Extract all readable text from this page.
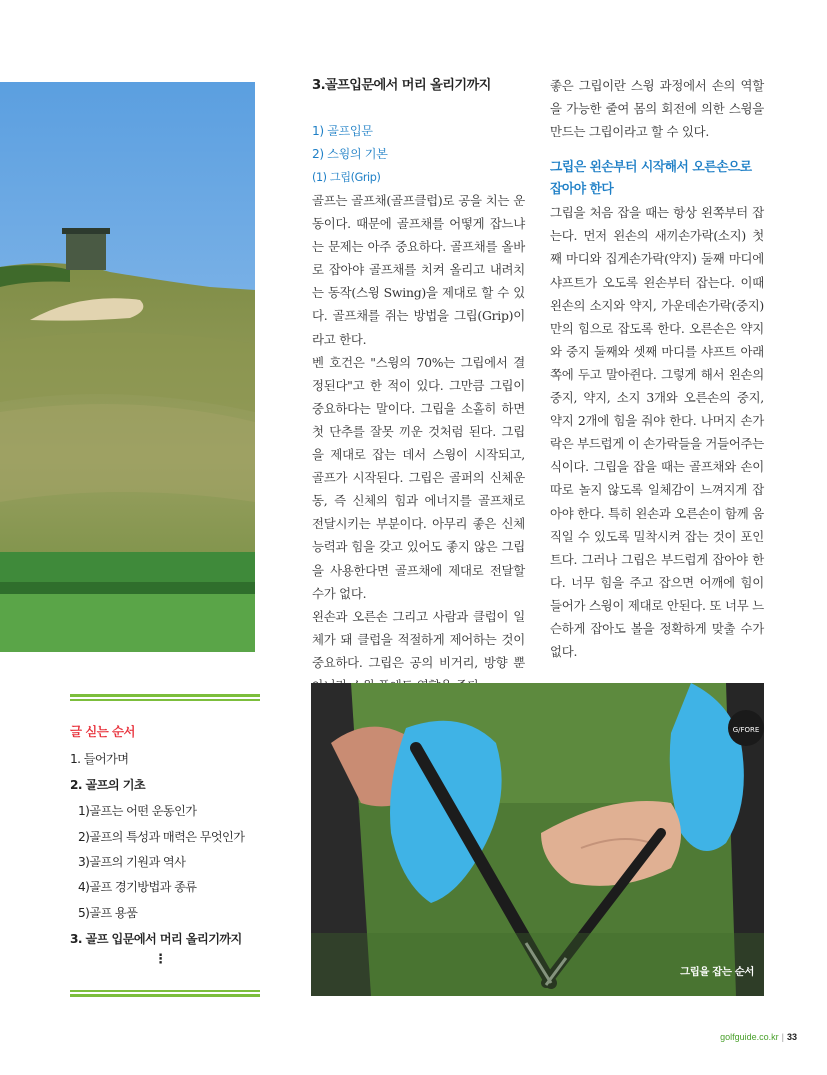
3.골프입문에서 머리 올리기까지
1) 골프입문
2) 스윙의 기본
(1) 그립(Grip)

골프는 골프채(골프클럽)로 공을 치는 운동이다. 때문에 골프채를 어떻게 잡느냐는 문제는 아주 중요하다. 골프채를 올바로 잡아야 골프채를 치켜 올리고 내려치는 동작(스윙 Swing)을 제대로 할 수 있다. 골프채를 쥐는 방법을 그립(Grip)이라고 한다.

벤 호건은 "스윙의 70%는 그립에서 결정된다"고 한 적이 있다. 그만큼 그립이 중요하다는 말이다. 그립을 소홀히 하면 첫 단추를 잘못 끼운 것처럼 된다. 그립을 제대로 잡는 데서 스윙이 시작되고, 골프가 시작된다. 그립은 골퍼의 신체운동, 즉 신체의 힘과 에너지를 골프채로 전달시키는 부분이다. 아무리 좋은 신체 능력과 힘을 갖고 있어도 좋지 않은 그립을 사용한다면 골프채에 제대로 전달할 수가 없다.

왼손과 오른손 그리고 사람과 클럽이 일체가 돼 클럽을 적절하게 제어하는 것이 중요하다. 그립은 공의 비거리, 방향 뿐

좋은 그립이란 스윙 과정에서 손의 역할을 가능한 줄여 몸의 회전에 의한 스윙을 만드는 그립이라고 할 수 있다.

그립은 왼손부터 시작해서 오른손으로 잡아야 한다

그립을 처음 잡을 때는 항상 왼쪽부터 잡는다. 먼저 왼손의 새끼손가락(소지) 첫째 마디와 집게손가락(약지) 둘째 마디에 샤프트가 오도록 왼손부터 잡는다. 이때 왼손의 소지와 약지, 가운데손가락(중지)만의 힘으로 잡도록 한다. 오른손은 약지와 중지 둘째와 셋째 마디를 샤프트 아래쪽에 두고 말아쥔다. 그렇게 해서 왼손의 중지, 약지, 소지 3개와 오른손의 중지, 약지 2개에 힘을 줘야 한다. 나머지 손가락은 부드럽게 이 손가락들을 거들어주는 식이다. 그립을 잡을 때는 골프채와 손이 따로 놀지 않도록 일체감이 느껴지게 잡아야 한다. 특히 왼손과 오른손이 함께 움직일 수 있도록 밀착시켜 잡는 것이 포인트다. 그러나 그립은 부드럽게 잡아야 한다. 너무 힘을 주고 잡으면 어깨에 힘이 들어가 스윙이 제대로 안된다. 또 너무 느슨하게 잡아도 볼을 정확하게 맞출 수가 없다.

글 싣는 순서
1. 들어가며
2. 골프의 기초
1)골프는 어떤 운동인가
2)골프의 특성과 매력은 무엇인가
3)골프의 기원과 역사
4)골프 경기방법과 종류
5)골프 용품
3. 골프 입문에서 머리 올리기까지
⋮
G/FORE
그립을 잡는 순서
golfguide.co.kr | 33
